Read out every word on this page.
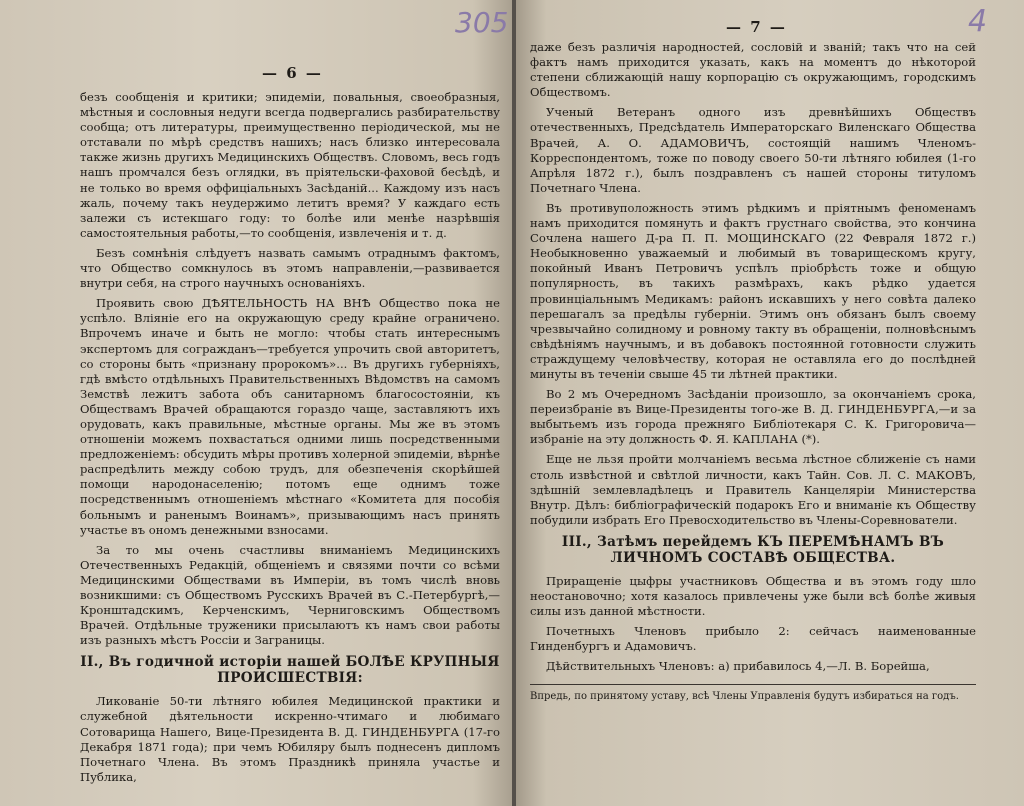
305
— 6 —

безъ сообщенія и критики; эпидеміи, повальныя, своеобразныя, мѣстныя и сословныя недуги всегда подвергались разбирательству сообща; отъ литературы, преимущественно періодической, мы не отставали по мѣрѣ средствъ нашихъ; насъ близко интересовала также жизнь другихъ Медицинскихъ Обществъ. Словомъ, весь годъ нашъ промчался безъ оглядки, въ пріятельски-фаховой бесѣдѣ, и не только во время оффиціальныхъ Засѣданій... Каждому изъ насъ жаль, почему такъ неудержимо летитъ время? У каждаго есть залежи съ истекшаго году: то болѣе или менѣе назрѣвшія самостоятельныя работы,—то сообщенія, извлеченія и т. д.

Безъ сомнѣнія слѣдуетъ назвать самымъ отраднымъ фактомъ, что Общество сомкнулось въ этомъ направленіи,—развивается внутри себя, на строго научныхъ основаніяхъ.

Проявить свою ДѢЯТЕЛЬНОСТЬ НА ВНѢ Общество пока не успѣло. Вліяніе его на окружающую среду крайне ограничено. Впрочемъ иначе и быть не могло: чтобы стать интереснымъ экспертомъ для согражданъ—требуется упрочить свой авторитетъ, со стороны быть «признану пророкомъ»... Въ другихъ губерніяхъ, гдѣ вмѣсто отдѣльныхъ Правительственныхъ Вѣдомствъ на самомъ Земствѣ лежитъ забота объ санитарномъ благосостояніи, къ Обществамъ Врачей обращаются гораздо чаще, заставляютъ ихъ орудовать, какъ правильные, мѣстные органы. Мы же въ этомъ отношеніи можемъ похвастаться одними лишь посредственными предложеніемъ: обсудить мѣры противъ холерной эпидеміи, вѣрнѣе распредѣлить между собою трудъ, для обезпеченія скорѣйшей помощи народонаселенію; потомъ еще однимъ тоже посредственнымъ отношеніемъ мѣстнаго «Комитета для пособія больнымъ и раненымъ Воинамъ», призывающимъ насъ принять участье въ ономъ денежными взносами.

За то мы очень счастливы вниманіемъ Медицинскихъ Отечественныхъ Редакцій, общеніемъ и связями почти со всѣми Медицинскими Обществами въ Имперіи, въ томъ числѣ вновь возникшими: съ Обществомъ Русскихъ Врачей въ С.-Петербургѣ,—Кронштадскимъ, Керченскимъ, Черниговскимъ Обществомъ Врачей. Отдѣльные труженики присылаютъ къ намъ свои работы изъ разныхъ мѣстъ Россіи и Заграницы.

II., Въ годичной исторіи нашей БОЛѢЕ КРУПНЫЯ ПРОИСШЕСТВІЯ:

Ликованіе 50-ти лѣтняго юбилея Медицинской практики и служебной дѣятельности искренно-чтимаго и любимаго Сотоварища Нашего, Вице-Президента В. Д. ГИНДЕНБУРГА (17-го Декабря 1871 года); при чемъ Юбиляру былъ поднесенъ дипломъ Почетнаго Члена. Въ этомъ Праздникѣ приняла участье и Публика,

4
— 7 —

даже безъ различія народностей, сословій и званій; такъ что на сей фактъ намъ приходится указать, какъ на моментъ до нѣкоторой степени сближающій нашу корпорацію съ окружающимъ, городскимъ Обществомъ.

Ученый Ветеранъ одного изъ древнѣйшихъ Обществъ отечественныхъ, Предсѣдатель Императорскаго Виленскаго Общества Врачей, А. О. АДАМОВИЧЪ, состоящій нашимъ Членомъ-Корреспондентомъ, тоже по поводу своего 50-ти лѣтняго юбилея (1-го Апрѣля 1872 г.), былъ поздравленъ съ нашей стороны титуломъ Почетнаго Члена.

Въ противуположность этимъ рѣдкимъ и пріятнымъ феноменамъ намъ приходится помянуть и фактъ грустнаго свойства, это кончина Сочлена нашего Д-ра П. П. МОЩИНСКАГО (22 Февраля 1872 г.) Необыкновенно уважаемый и любимый въ товарищескомъ кругу, покойный Иванъ Петровичъ успѣлъ пріобрѣсть тоже и общую популярность, въ такихъ размѣрахъ, какъ рѣдко удается провинціальнымъ Медикамъ: районъ искавшихъ у него совѣта далеко перешагалъ за предѣлы губерніи. Этимъ онъ обязанъ былъ своему чрезвычайно солидному и ровному такту въ обращеніи, полновѣснымъ свѣдѣніямъ научнымъ, и въ добавокъ постоянной готовности служить страждущему человѣчеству, которая не оставляла его до послѣдней минуты въ теченіи свыше 45 ти лѣтней практики.

Во 2 мъ Очередномъ Засѣданіи произошло, за окончаніемъ срока, переизбраніе въ Вице-Президенты того-же В. Д. ГИНДЕНБУРГА,—и за выбытьемъ изъ города прежняго Библіотекаря С. К. Григоровича—избраніе на эту должность Ф. Я. КАПЛАНА (*).

Еще не льзя пройти молчаніемъ весьма лѣстное сближеніе съ нами столь извѣстной и свѣтлой личности, какъ Тайн. Сов. Л. С. МАКОВЪ, здѣшній землевладѣлецъ и Правитель Канцеляріи Министерства Внутр. Дѣлъ: библіографическій подарокъ Его и вниманіе къ Обществу побудили избрать Его Превосходительство въ Члены-Соревнователи.

III., Затѣмъ перейдемъ КЪ ПЕРЕМѢНАМЪ ВЪ ЛИЧНОМЪ СОСТАВѢ ОБЩЕСТВА.

Приращеніе цыфры участниковъ Общества и въ этомъ году шло неостановочно; хотя казалось привлечены уже были всѣ болѣе живыя силы изъ данной мѣстности.

Почетныхъ Членовъ прибыло 2: сейчасъ наименованные Гинденбургъ и Адамовичъ.

Дѣйствительныхъ Членовъ: а) прибавилось 4,—Л. В. Борейша,

Впредь, по принятому уставу, всѣ Члены Управленія будутъ избираться на годъ.
